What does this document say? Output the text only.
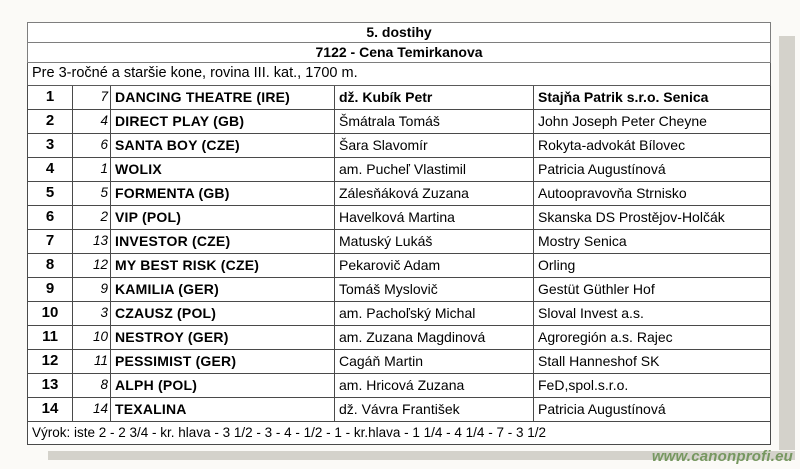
5. dostihy				
7122 - Cena Temirkanova				
Pre 3-ročné a staršie kone, rovina III. kat., 1700 m.				
1	7	DANCING THEATRE (IRE)	dž. Kubík Petr	Stajňa Patrik s.r.o. Senica
2	4	DIRECT PLAY (GB)	Šmátrala Tomáš	John Joseph Peter Cheyne
3	6	SANTA BOY (CZE)	Šara Slavomír	Rokyta-advokát Bílovec
4	1	WOLIX	am. Pucheľ Vlastimil	Patricia Augustínová
5	5	FORMENTA (GB)	Zálesňáková Zuzana	Autoopravovňa Strnisko
6	2	VIP (POL)	Havelková Martina	Skanska DS Prostějov-Holčák
7	13	INVESTOR (CZE)	Matuský Lukáš	Mostry Senica
8	12	MY BEST RISK (CZE)	Pekarovič Adam	Orling
9	9	KAMILIA (GER)	Tomáš Myslovič	Gestüt Güthler Hof
10	3	CZAUSZ (POL)	am. Pachoľský Michal	Sloval Invest a.s.
11	10	NESTROY (GER)	am. Zuzana Magdinová	Agroregión a.s. Rajec
12	11	PESSIMIST (GER)	Cagáň Martin	Stall Hanneshof SK
13	8	ALPH (POL)	am. Hricová Zuzana	FeD,spol.s.r.o.
14	14	TEXALINA	dž. Vávra František	Patricia Augustínová
Výrok: iste 2 - 2 3/4 - kr. hlava - 3 1/2 - 3 - 4 - 1/2 - 1 - kr.hlava - 1 1/4 - 4 1/4 - 7 - 3 1/2				
www.canonprofi.eu
